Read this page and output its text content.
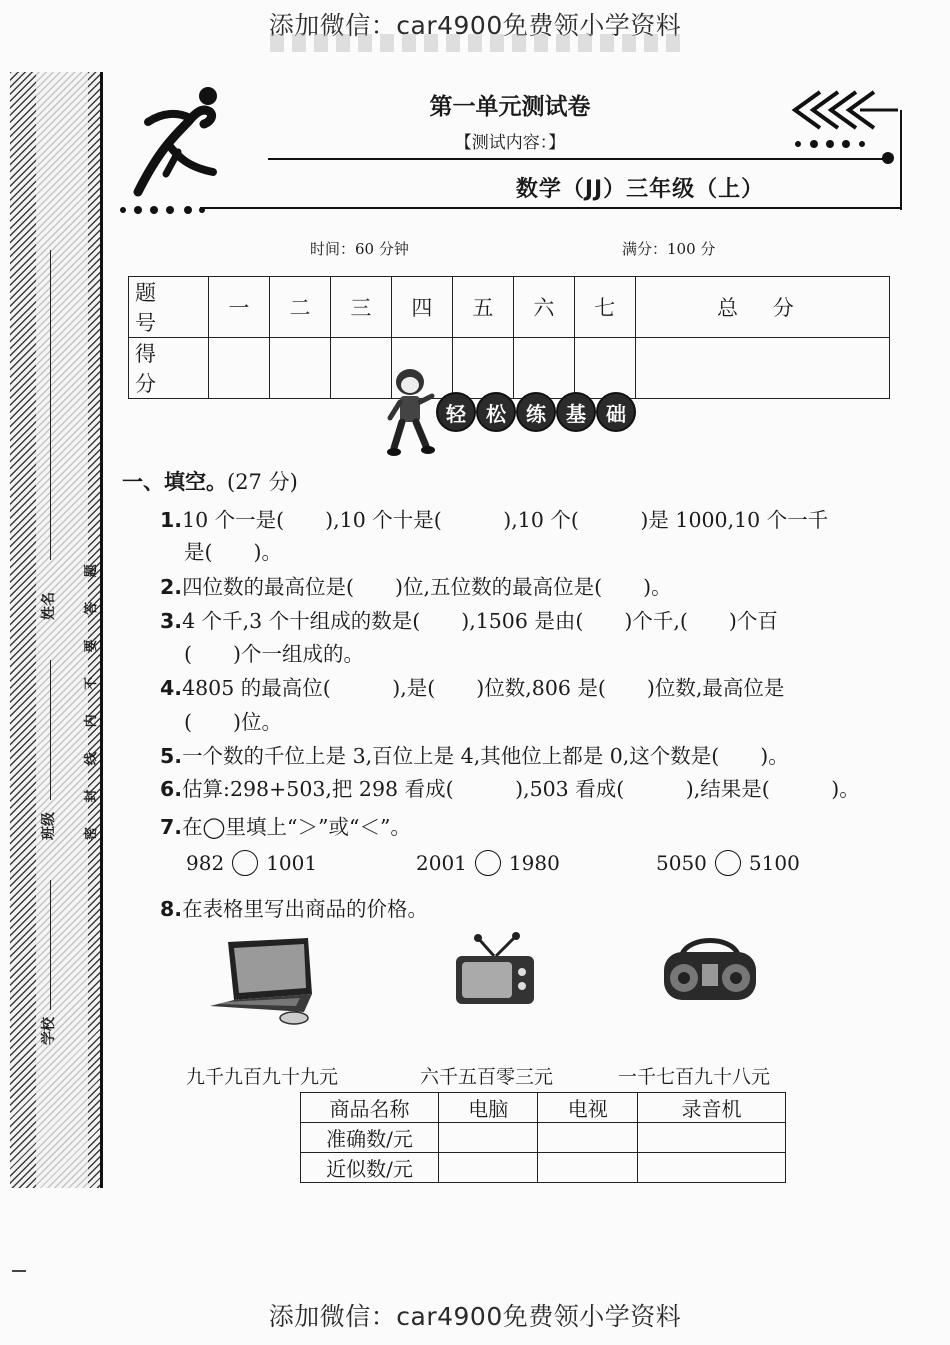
添加微信：car4900免费领小学资料
添加微信：car4900免费领小学资料
姓名
班级
学校
密 封 线 内 不 要 答 题
第一单元测试卷
【测试内容：】
数学（JJ）三年级（上）
时间：60 分钟	满分：100 分
题 号	一	二	三	四	五	六	七	总 分
得 分								
轻	松	练	基	础
一、填空。(27 分)
1.10 个一是(　　),10 个十是(　　　),10 个(　　　)是 1000,10 个一千
是(　　)。
2.四位数的最高位是(　　)位,五位数的最高位是(　　)。
3.4 个千,3 个十组成的数是(　　),1506 是由(　　)个千,(　　)个百
(　　)个一组成的。
4.4805 的最高位(　　　),是(　　)位数,806 是(　　)位数,最高位是
(　　)位。
5.一个数的千位上是 3,百位上是 4,其他位上都是 0,这个数是(　　)。
6.估算:298+503,把 298 看成(　　　),503 看成(　　　),结果是(　　　)。
7.在◯里填上“＞”或“＜”。
982 1001	2001 1980	5050 5100
8.在表格里写出商品的价格。
九千九百九十九元	六千五百零三元	一千七百九十八元
商品名称	电脑	电视	录音机
准确数/元			
近似数/元			
